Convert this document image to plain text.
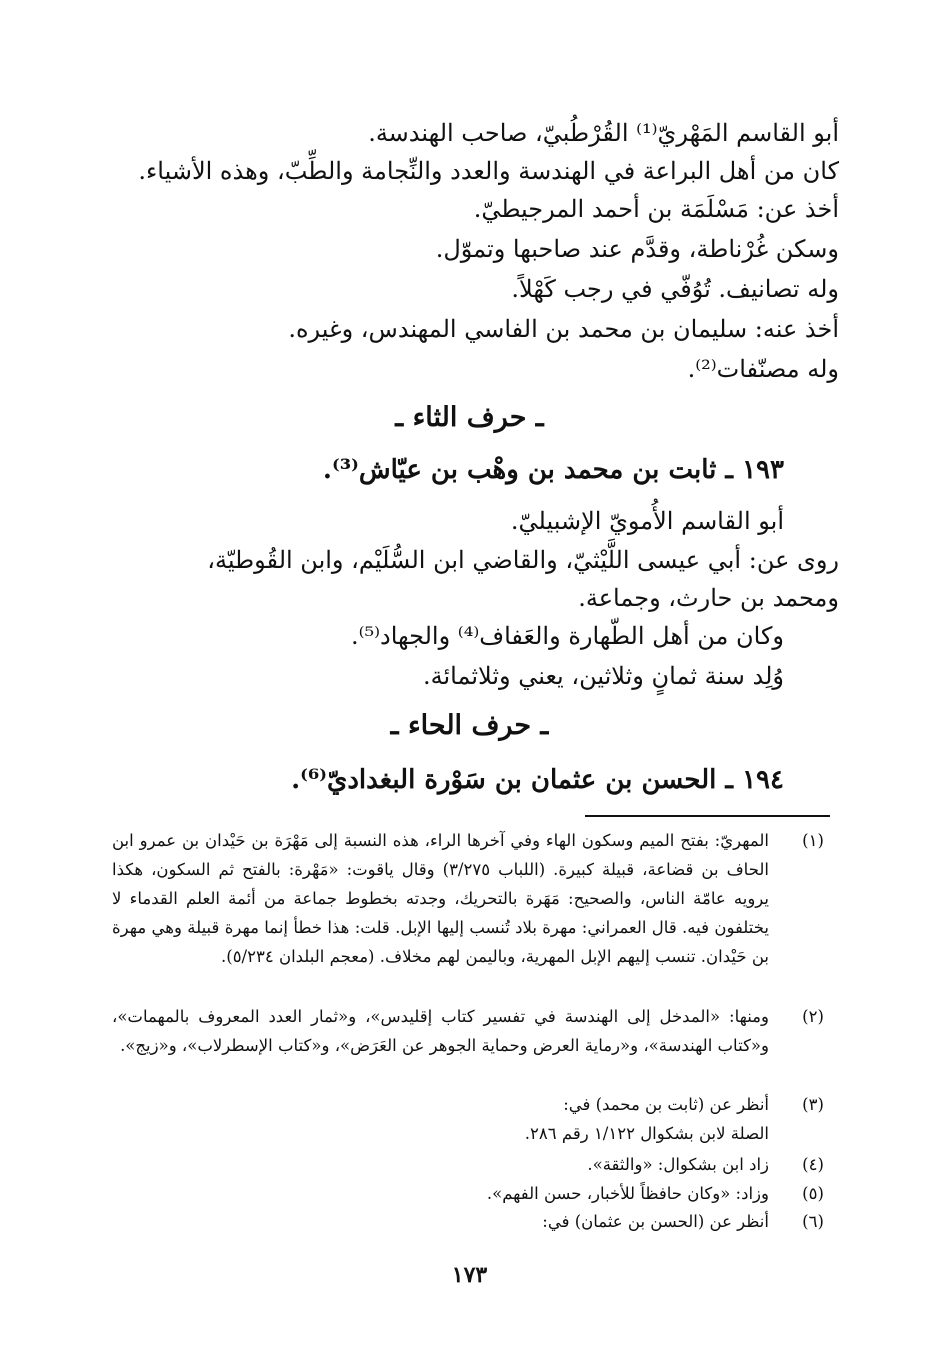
أبو القاسم المَهْريّ⁽¹⁾ القُرْطُبيّ، صاحب الهندسة.
كان من أهل البراعة في الهندسة والعدد والنِّجامة والطِّبّ، وهذه الأشياء.
أخذ عن: مَسْلَمَة بن أحمد المرجيطيّ.
وسكن غُرْناطة، وقدَّم عند صاحبها وتموّل.
وله تصانيف. تُوُفّي في رجب كَهْلاً.
أخذ عنه: سليمان بن محمد بن الفاسي المهندس، وغيره.
وله مصنّفات⁽²⁾.
ـ حرف الثاء ـ
١٩٣ ـ ثابت بن محمد بن وهْب بن عيّاش⁽³⁾.
أبو القاسم الأُمويّ الإشبيليّ.
روى عن: أبي عيسى اللَّيْثيّ، والقاضي ابن السُّلَيْم، وابن القُوطيّة،
ومحمد بن حارث، وجماعة.
وكان من أهل الطّهارة والعَفاف⁽⁴⁾ والجهاد⁽⁵⁾.
وُلِد سنة ثمانٍ وثلاثين، يعني وثلاثمائة.
ـ حرف الحاء ـ
١٩٤ ـ الحسن بن عثمان بن سَوْرة البغداديّ⁽⁶⁾.
(١)
المهريّ: بفتح الميم وسكون الهاء وفي آخرها الراء، هذه النسبة إلى مَهْرَة بن حَيْدان بن عمرو ابن الحاف بن قضاعة، قبيلة كبيرة. (اللباب ٣/٢٧٥) وقال ياقوت: «مَهْرة: بالفتح ثم السكون، هكذا يرويه عامّة الناس، والصحيح: مَهَرة بالتحريك، وجدته بخطوط جماعة من أئمة العلم القدماء لا يختلفون فيه. قال العمراني: مهرة بلاد تُنسب إليها الإبل. قلت: هذا خطأ إنما مهرة قبيلة وهي مهرة بن حَيْدان. تنسب إليهم الإبل المهرية، وباليمن لهم مخلاف. (معجم البلدان ٥/٢٣٤).
(٢)
ومنها: «المدخل إلى الهندسة في تفسير كتاب إقليدس»، و«ثمار العدد المعروف بالمهمات»، و«كتاب الهندسة»، و«رماية العرض وحماية الجوهر عن العَرَض»، و«كتاب الإسطرلاب»، و«زيج».
(٣)
أنظر عن (ثابت بن محمد) في:
الصلة لابن بشكوال ١/١٢٢ رقم ٢٨٦.
(٤)
زاد ابن بشكوال: «والثقة».
(٥)
وزاد: «وكان حافظاً للأخبار، حسن الفهم».
(٦)
أنظر عن (الحسن بن عثمان) في:
١٧٣
